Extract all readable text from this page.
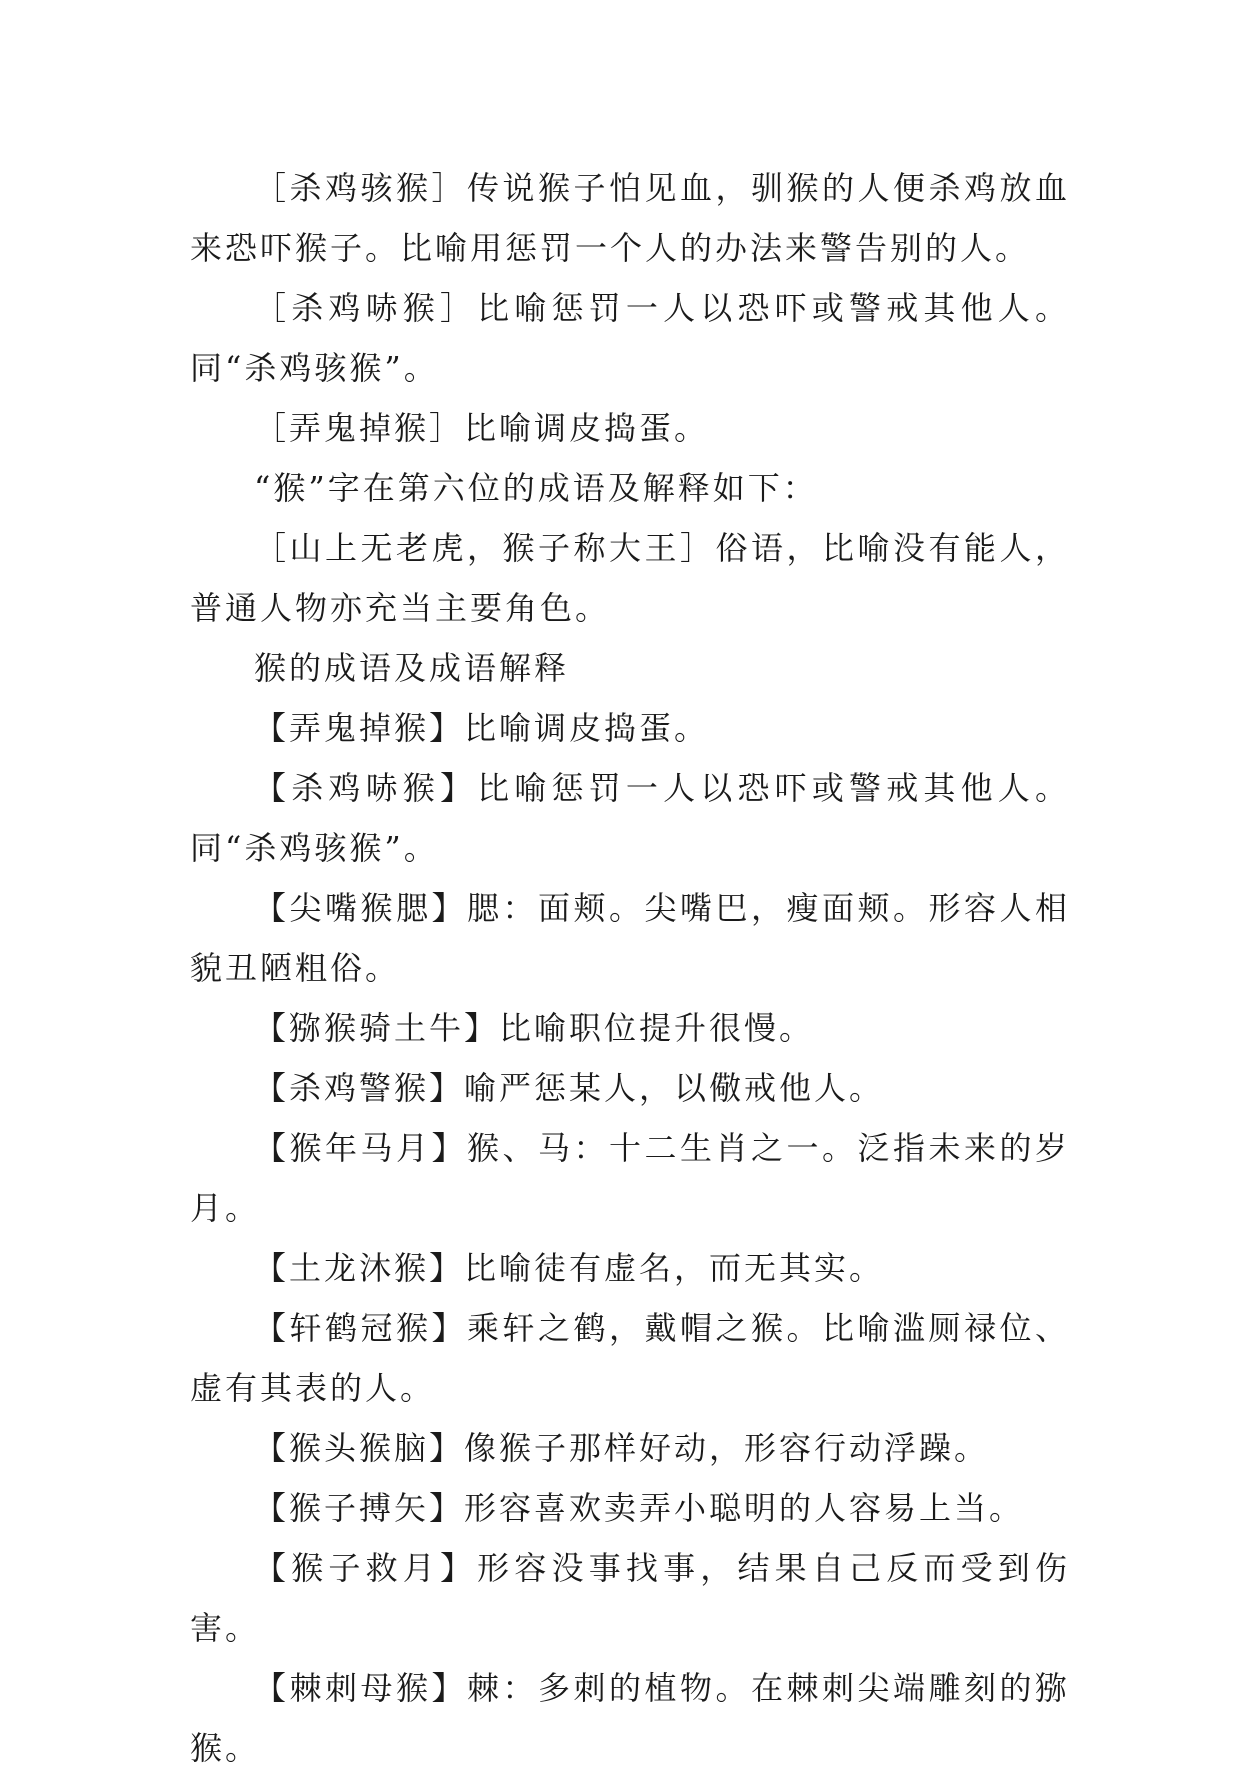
［杀鸡骇猴］传说猴子怕见血，驯猴的人便杀鸡放血来恐吓猴子。比喻用惩罚一个人的办法来警告别的人。

［杀鸡哧猴］比喻惩罚一人以恐吓或警戒其他人。同“杀鸡骇猴”。

［弄鬼掉猴］比喻调皮捣蛋。

“猴”字在第六位的成语及解释如下：

［山上无老虎，猴子称大王］俗语，比喻没有能人，普通人物亦充当主要角色。

猴的成语及成语解释

【弄鬼掉猴】比喻调皮捣蛋。

【杀鸡哧猴】比喻惩罚一人以恐吓或警戒其他人。同“杀鸡骇猴”。

【尖嘴猴腮】腮：面颊。尖嘴巴，瘦面颊。形容人相貌丑陋粗俗。

【猕猴骑土牛】比喻职位提升很慢。

【杀鸡警猴】喻严惩某人，以儆戒他人。

【猴年马月】猴、马：十二生肖之一。泛指未来的岁月。

【土龙沐猴】比喻徒有虚名，而无其实。

【轩鹤冠猴】乘轩之鹤，戴帽之猴。比喻滥厕禄位、虚有其表的人。

【猴头猴脑】像猴子那样好动，形容行动浮躁。

【猴子搏矢】形容喜欢卖弄小聪明的人容易上当。

【猴子救月】形容没事找事，结果自己反而受到伤害。

【棘刺母猴】棘：多刺的植物。在棘刺尖端雕刻的猕猴。
